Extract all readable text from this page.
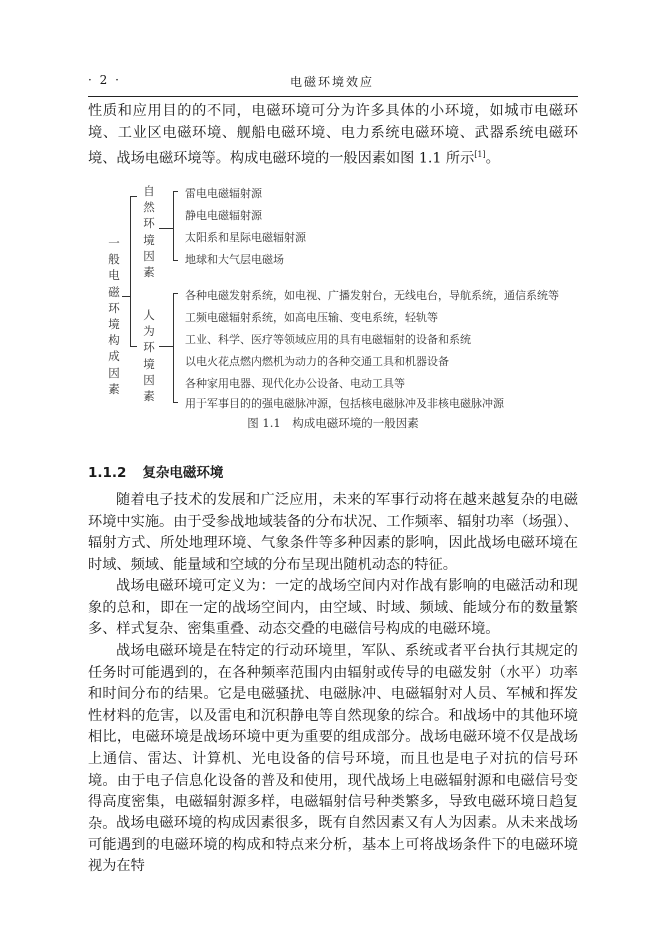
· 2 ·	电磁环境效应

性质和应用目的的不同，电磁环境可分为许多具体的小环境，如城市电磁环境、工业区电磁环境、舰船电磁环境、电力系统电磁环境、武器系统电磁环境、战场电磁环境等。构成电磁环境的一般因素如图 1.1 所示[1]。

一般电磁环境构成因素
自然环境因素
雷电电磁辐射源
静电电磁辐射源
太阳系和星际电磁辐射源
地球和大气层电磁场
人为环境因素
各种电磁发射系统，如电视、广播发射台，无线电台，导航系统，通信系统等
工频电磁辐射系统，如高电压输、变电系统，轻轨等
工业、科学、医疗等领域应用的具有电磁辐射的设备和系统
以电火花点燃内燃机为动力的各种交通工具和机器设备
各种家用电器、现代化办公设备、电动工具等
用于军事目的的强电磁脉冲源，包括核电磁脉冲及非核电磁脉冲源
图 1.1　构成电磁环境的一般因素
1.1.2 复杂电磁环境

随着电子技术的发展和广泛应用，未来的军事行动将在越来越复杂的电磁环境中实施。由于受参战地域装备的分布状况、工作频率、辐射功率（场强）、辐射方式、所处地理环境、气象条件等多种因素的影响，因此战场电磁环境在时域、频域、能量域和空域的分布呈现出随机动态的特征。

战场电磁环境可定义为：一定的战场空间内对作战有影响的电磁活动和现象的总和，即在一定的战场空间内，由空域、时域、频域、能域分布的数量繁多、样式复杂、密集重叠、动态交叠的电磁信号构成的电磁环境。

战场电磁环境是在特定的行动环境里，军队、系统或者平台执行其规定的任务时可能遇到的，在各种频率范围内由辐射或传导的电磁发射（水平）功率和时间分布的结果。它是电磁骚扰、电磁脉冲、电磁辐射对人员、军械和挥发性材料的危害，以及雷电和沉积静电等自然现象的综合。和战场中的其他环境相比，电磁环境是战场环境中更为重要的组成部分。战场电磁环境不仅是战场上通信、雷达、计算机、光电设备的信号环境，而且也是电子对抗的信号环境。由于电子信息化设备的普及和使用，现代战场上电磁辐射源和电磁信号变得高度密集，电磁辐射源多样，电磁辐射信号种类繁多，导致电磁环境日趋复杂。 战场电磁环境的构成因素很多，既有自然因素又有人为因素。从未来战场可能遇到的电磁环境的构成和特点来分析，基本上可将战场条件下的电磁环境视为在特
